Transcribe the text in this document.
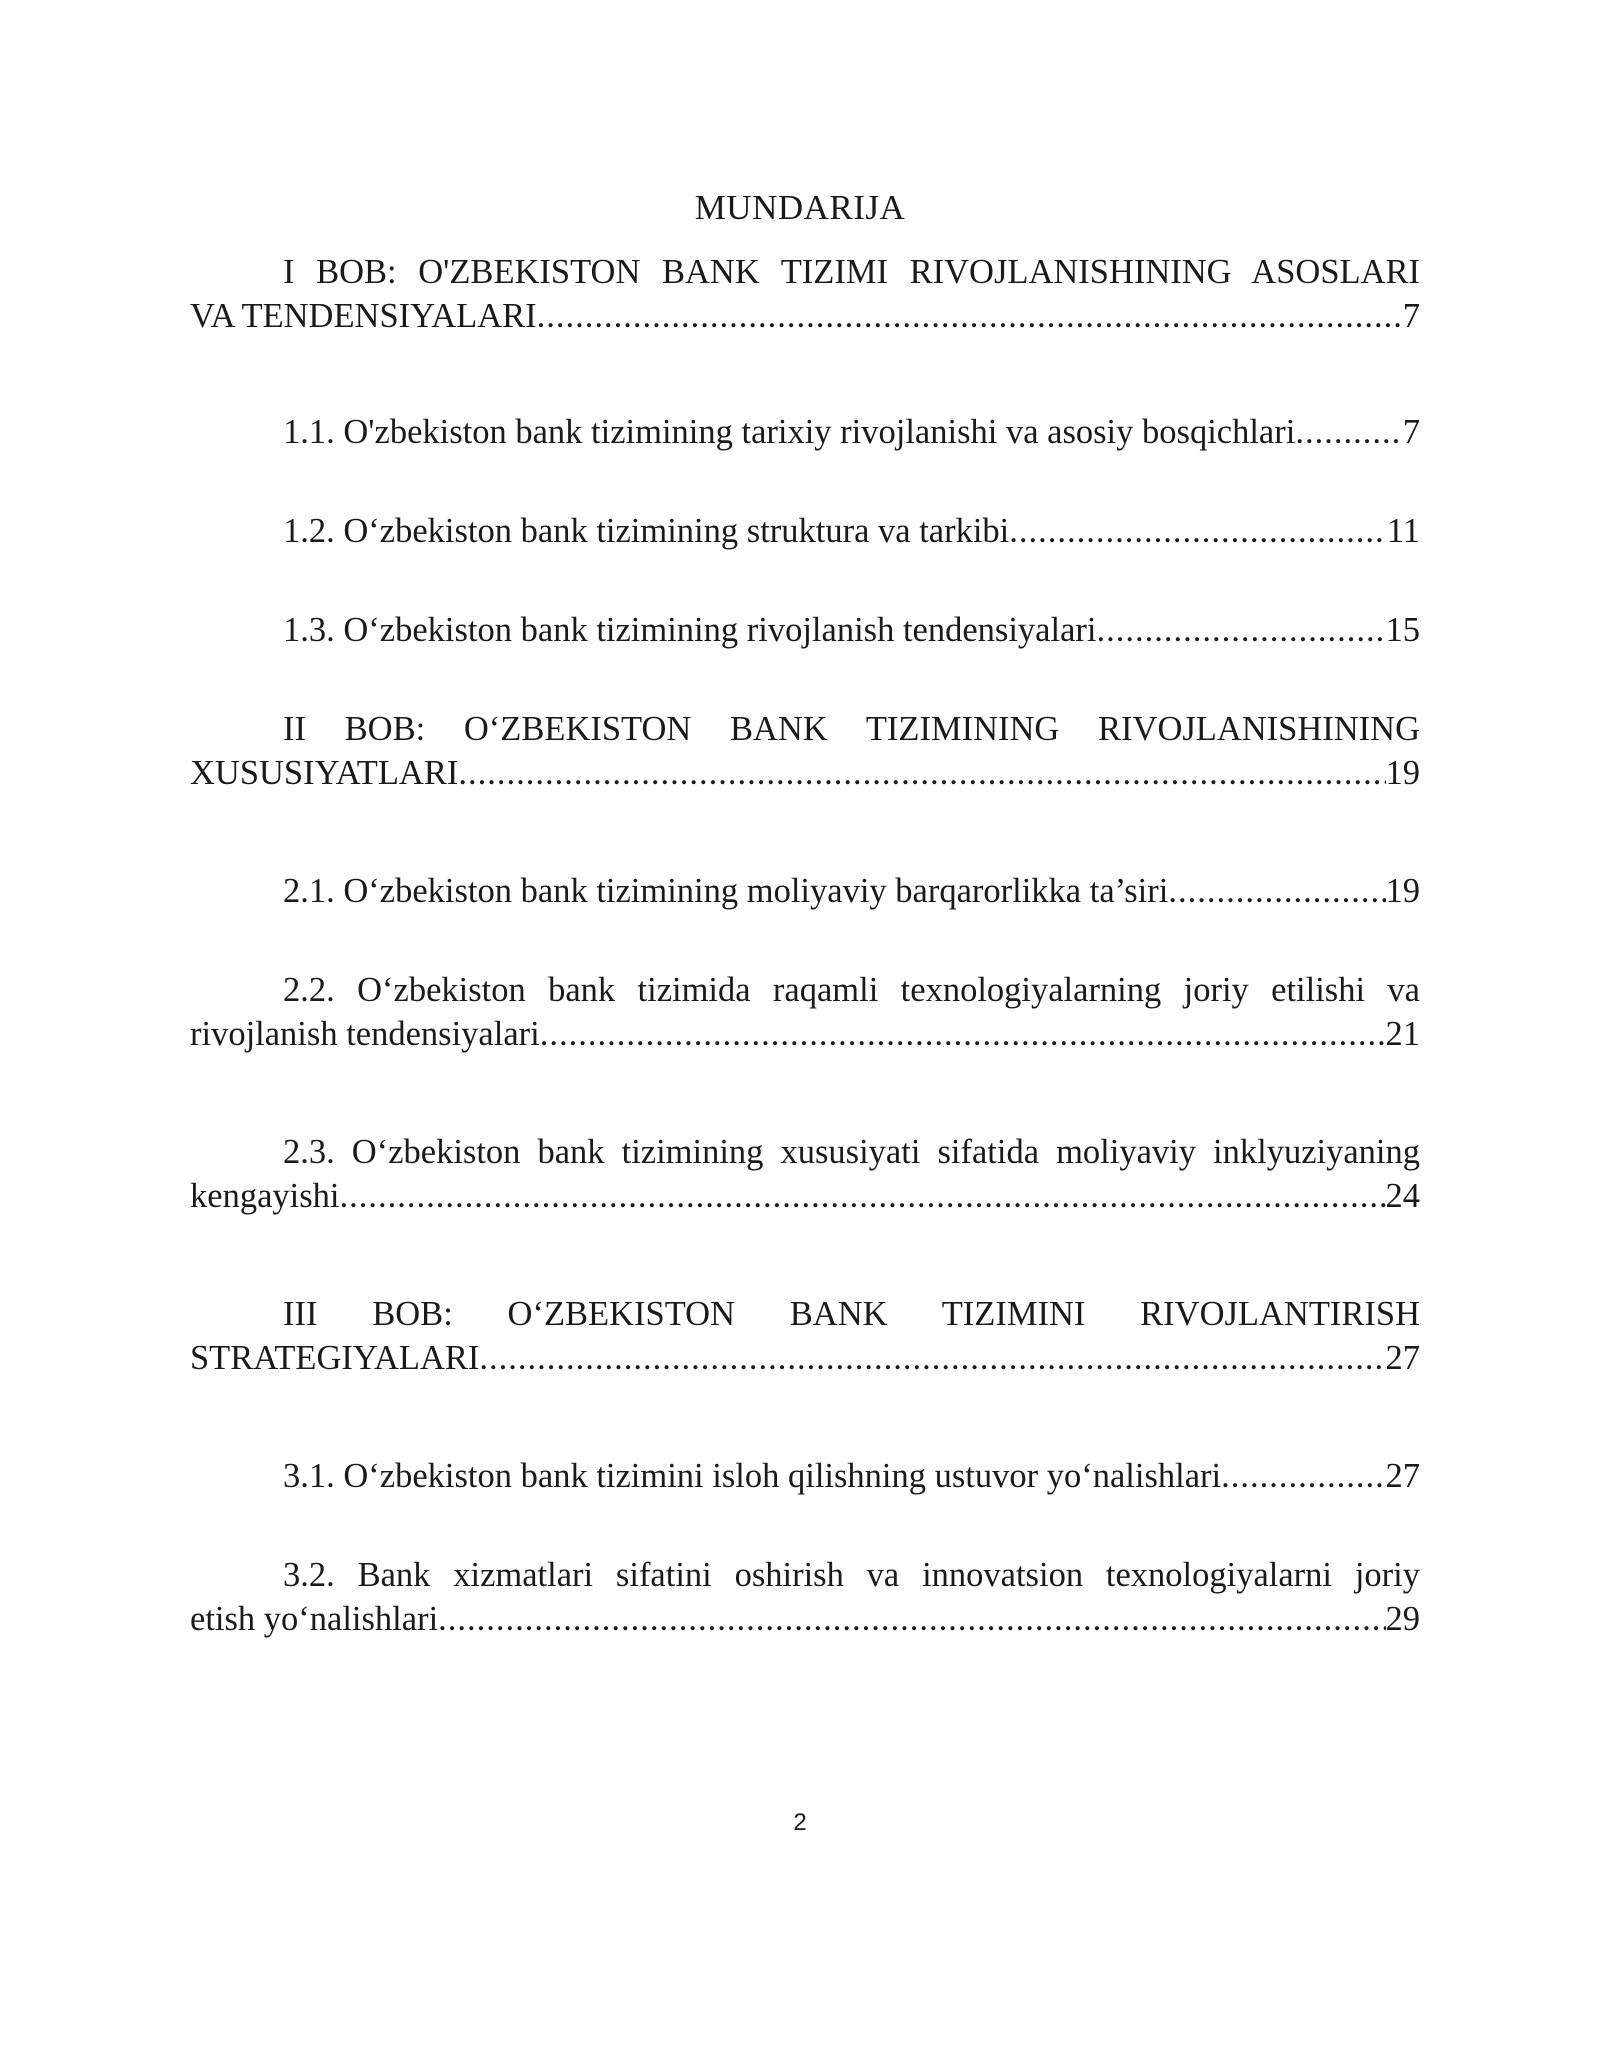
MUNDARIJA
I BOB: O'ZBEKISTON BANK TIZIMI RIVOJLANISHINING ASOSLARI
VA TENDENSIYALARI .....	7
1.1. O'zbekiston bank tizimining tarixiy rivojlanishi va asosiy bosqichlari .....	7
1.2. O‘zbekiston bank tizimining struktura va tarkibi .....	11
1.3. O‘zbekiston bank tizimining rivojlanish tendensiyalari .....	15
II BOB: O‘ZBEKISTON BANK TIZIMINING RIVOJLANISHINING
XUSUSIYATLARI .....	19
2.1. O‘zbekiston bank tizimining moliyaviy barqarorlikka ta’siri .....	19
2.2. O‘zbekiston bank tizimida raqamli texnologiyalarning joriy etilishi va
rivojlanish tendensiyalari .....	21
2.3. O‘zbekiston bank tizimining xususiyati sifatida moliyaviy inklyuziyaning
kengayishi .....	24
III BOB: O‘ZBEKISTON BANK TIZIMINI RIVOJLANTIRISH
STRATEGIYALARI .....	27
3.1. O‘zbekiston bank tizimini isloh qilishning ustuvor yo‘nalishlari .....	27
3.2. Bank xizmatlari sifatini oshirish va innovatsion texnologiyalarni joriy
etish yo‘nalishlari .....	29
2
